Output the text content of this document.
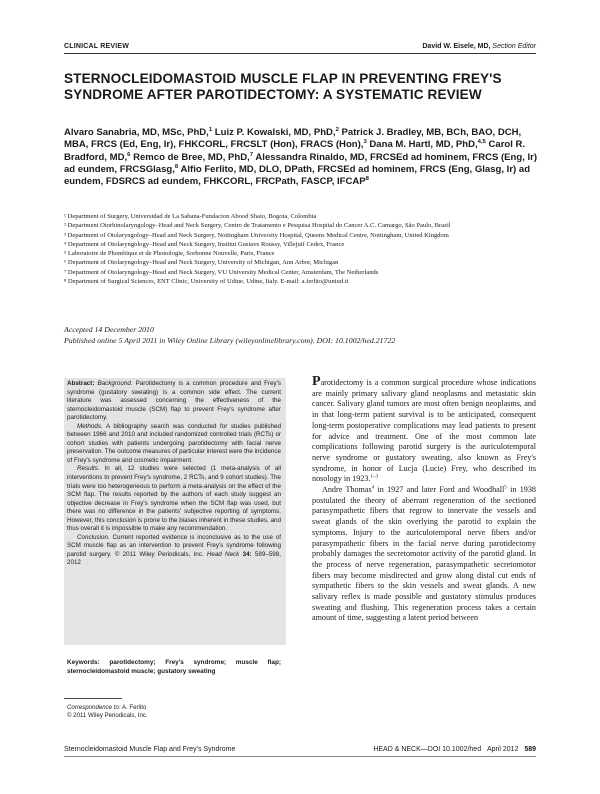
CLINICAL REVIEW	David W. Eisele, MD, Section Editor
STERNOCLEIDOMASTOID MUSCLE FLAP IN PREVENTING FREY'S SYNDROME AFTER PAROTIDECTOMY: A SYSTEMATIC REVIEW
Alvaro Sanabria, MD, MSc, PhD,$^1$ Luiz P. Kowalski, MD, PhD,$^2$ Patrick J. Bradley, MB, BCh, BAO, DCH, MBA, FRCS (Ed, Eng, Ir), FHKCORL, FRCSLT (Hon), FRACS (Hon),$^3$ Dana M. Hartl, MD, PhD,$^{4,5}$ Carol R. Bradford, MD,$^6$ Remco de Bree, MD, PhD,$^7$ Alessandra Rinaldo, MD, FRCSEd ad hominem, FRCS (Eng, Ir) ad eundem, FRCSGlasg,$^8$ Alfio Ferlito, MD, DLO, DPath, FRCSEd ad hominem, FRCS (Eng, Glasg, Ir) ad eundem, FDSRCS ad eundem, FHKCORL, FRCPath, FASCP, IFCAP$^8$
¹ Department of Surgery, Universidad de La Sabana-Fundacion Abood Shaio, Bogota, Colombia
² Department Otorhinolaryngology–Head and Neck Surgery, Centro de Tratamento e Pesquisa Hospital do Cancer A.C. Camargo, São Paulo, Brazil
³ Department of Otolaryngology–Head and Neck Surgery, Nottingham University Hospital, Queens Medical Centre, Nottingham, United Kingdom
⁴ Department of Otolaryngology–Head and Neck Surgery, Institut Gustave Roussy, Villejuif Cedex, France
⁵ Laboratoire de Phonétique et de Phonologie, Sorbonne Nouvelle, Paris, France
⁶ Department of Otolaryngology–Head and Neck Surgery, University of Michigan, Ann Arbor, Michigan
⁷ Department of Otolaryngology–Head and Neck Surgery, VU University Medical Center, Amsterdam, The Netherlands
⁸ Department of Surgical Sciences, ENT Clinic, University of Udine, Udine, Italy. E-mail: a.ferlito@uniud.it
Accepted 14 December 2010
Published online 5 April 2011 in Wiley Online Library (wileyonlinelibrary.com). DOI: 10.1002/hed.21722

Abstract: Background. Parotidectomy is a common procedure and Frey's syndrome (gustatory sweating) is a common side effect. The current literature was assessed concerning the effectiveness of the sternocleidomastoid muscle (SCM) flap to prevent Frey's syndrome after parotidectomy.

Methods. A bibliography search was conducted for studies published between 1966 and 2010 and included randomized controlled trials (RCTs) or cohort studies with patients undergoing parotidectomy with facial nerve preservation. The outcome measures of particular interest were the incidence of Frey's syndrome and cosmetic impairment.

Results. In all, 12 studies were selected (1 meta-analysis of all interventions to prevent Frey's syndrome, 2 RCTs, and 9 cohort studies). The trials were too heterogeneous to perform a meta-analysis on the effect of the SCM flap. The results reported by the authors of each study suggest an objective decrease in Frey's syndrome when the SCM flap was used, but there was no difference in the patients' subjective reporting of symptoms. However, this conclusion is prone to the biases inherent in these studies, and thus overall it is impossible to make any recommendation.

Conclusion. Current reported evidence is inconclusive as to the use of SCM muscle flap as an intervention to prevent Frey's syndrome following parotid surgery. © 2011 Wiley Periodicals, Inc. Head Neck 34: 589–598, 2012

Keywords: parotidectomy; Frey's syndrome; muscle flap; sternocleidomastoid muscle; gustatory sweating
Correspondence to: A. Ferlito
© 2011 Wiley Periodicals, Inc.

Parotidectomy is a common surgical procedure whose indications are mainly primary salivary gland neoplasms and metastatic skin cancer. Salivary gland tumors are most often benign neoplasms, and in that long-term patient survival is to be anticipated, consequent long-term postoperative complications may lead patients to present for advice and treatment. One of the most common late complications following parotid surgery is the auriculotemporal nerve syndrome or gustatory sweating, also known as Frey's syndrome, in honor of Lucja (Lucie) Frey, who described its nosology in 1923.$^{1-3}$

Andre Thomas$^4$ in 1927 and later Ford and Woodhall$^5$ in 1938 postulated the theory of aberrant regeneration of the sectioned parasympathetic fibers that regrow to innervate the vessels and sweat glands of the skin overlying the parotid to explain the symptoms. Injury to the auriculotemporal nerve fibers and/or parasympathetic fibers in the facial nerve during parotidectomy probably damages the secretomotor activity of the parotid gland. In the process of nerve regeneration, parasympathetic secretomotor fibers may become misdirected and grow along distal cut ends of sympathetic fibers to the skin vessels and sweat glands. A new salivary reflex is made possible and gustatory stimulus produces sweating and flushing. This regeneration process takes a certain amount of time, suggesting a latent period between

Sternocleidomastoid Muscle Flap and Frey's Syndrome	HEAD & NECK—DOI 10.1002/hed April 2012 589
